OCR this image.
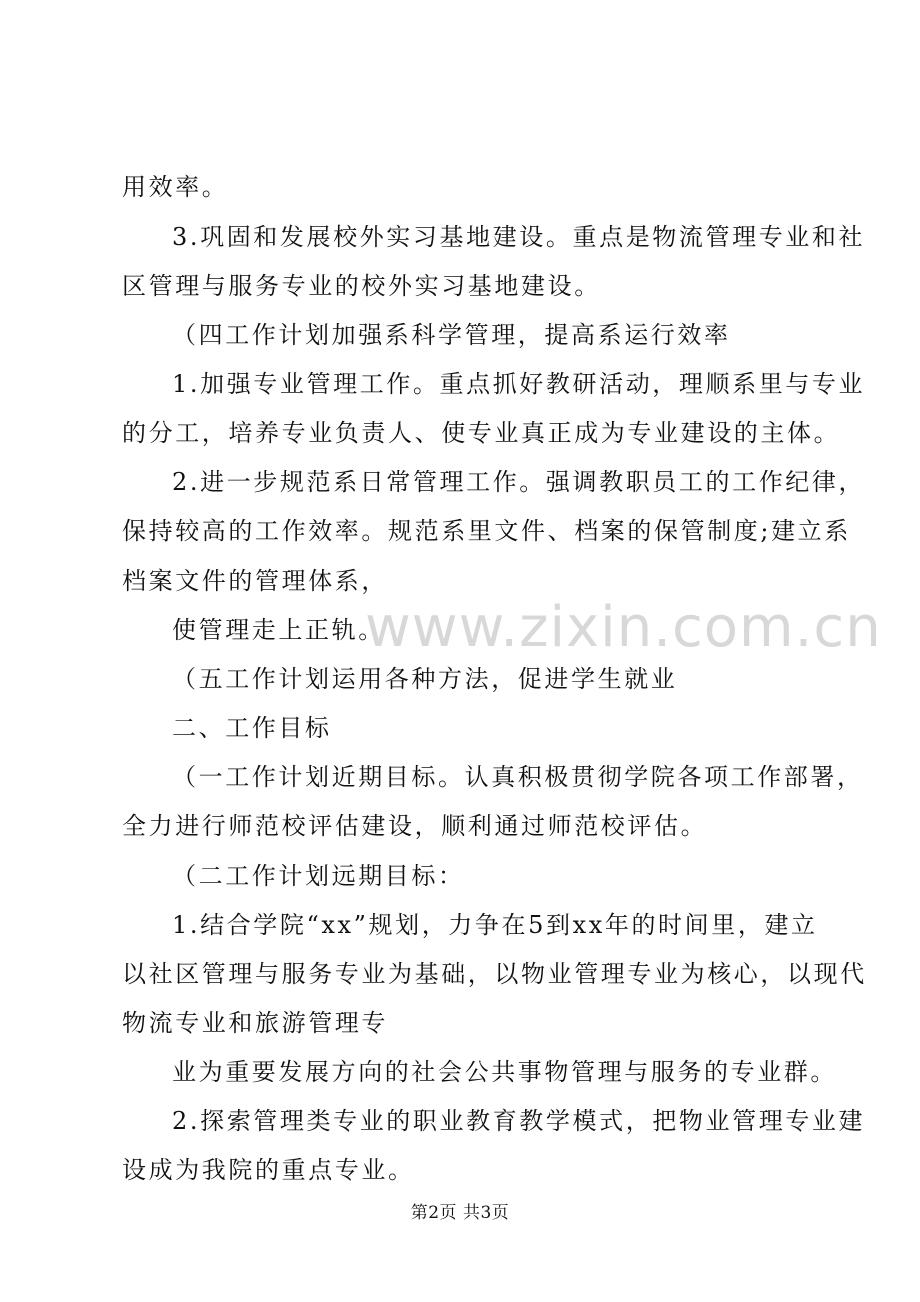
用效率。
3.巩固和发展校外实习基地建设。重点是物流管理专业和社
区管理与服务专业的校外实习基地建设。
（四工作计划加强系科学管理，提高系运行效率
1.加强专业管理工作。重点抓好教研活动，理顺系里与专业
的分工，培养专业负责人、使专业真正成为专业建设的主体。
2.进一步规范系日常管理工作。强调教职员工的工作纪律，
保持较高的工作效率。规范系里文件、档案的保管制度;建立系
档案文件的管理体系，
使管理走上正轨。
（五工作计划运用各种方法，促进学生就业
二、工作目标
（一工作计划近期目标。认真积极贯彻学院各项工作部署，
全力进行师范校评估建设，顺利通过师范校评估。
（二工作计划远期目标：
1.结合学院“xx”规划，力争在5到xx年的时间里，建立
以社区管理与服务专业为基础，以物业管理专业为核心，以现代
物流专业和旅游管理专
业为重要发展方向的社会公共事物管理与服务的专业群。
2.探索管理类专业的职业教育教学模式，把物业管理专业建
设成为我院的重点专业。
www.zixin.com.cn
第2页 共3页
